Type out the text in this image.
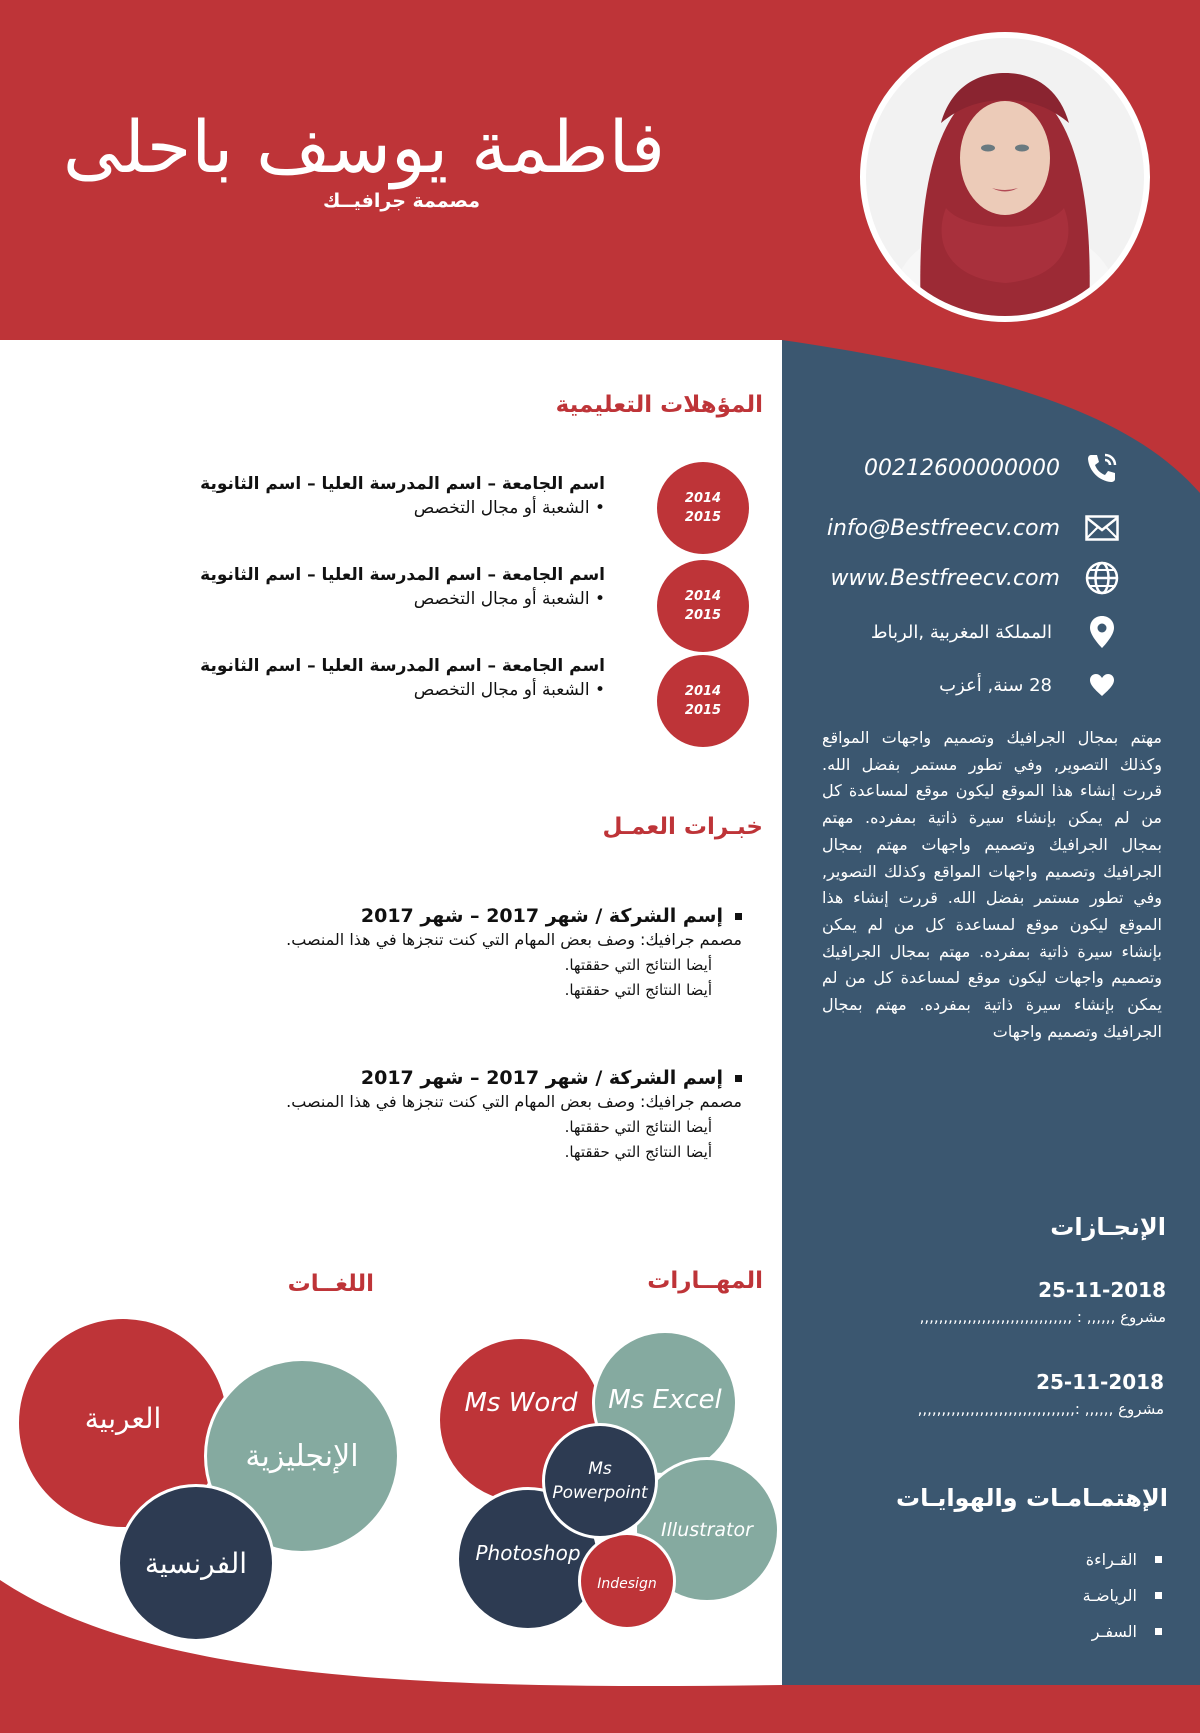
فاطمة يوسف باحلى
مصممة جرافيــك
المؤهلات التعليمية
2014
2015
اسم الجامعة – اسم المدرسة العليا – اسم الثانوية
• الشعبة أو مجال التخصص
2014
2015
اسم الجامعة – اسم المدرسة العليا – اسم الثانوية
• الشعبة أو مجال التخصص
2014
2015
اسم الجامعة – اسم المدرسة العليا – اسم الثانوية
• الشعبة أو مجال التخصص
خبـرات العمـل
إسم الشركة / شهر 2017 – شهر 2017
مصمم جرافيك: وصف بعض المهام التي كنت تنجزها في هذا المنصب.
أيضا النتائج التي حققتها.
أيضا النتائج التي حققتها.
إسم الشركة / شهر 2017 – شهر 2017
مصمم جرافيك: وصف بعض المهام التي كنت تنجزها في هذا المنصب.
أيضا النتائج التي حققتها.
أيضا النتائج التي حققتها.
المهــارات
اللغــات
العربية
الإنجليزية
الفرنسية
Ms Word Ms Excel
Photoshop
Illustrator
Indesign
Ms
Powerpoint
00212600000000
info@Bestfreecv.com
www.Bestfreecv.com
المملكة المغربية ,الرباط
28 سنة, أعزب
مهتم بمجال الجرافيك وتصميم واجهات المواقع وكذلك التصوير, وفي تطور مستمر بفضل الله. قررت إنشاء هذا الموقع ليكون موقع لمساعدة كل من لم يمكن بإنشاء سيرة ذاتية بمفرده. مهتم بمجال الجرافيك وتصميم واجهات مهتم بمجال الجرافيك وتصميم واجهات المواقع وكذلك التصوير, وفي تطور مستمر بفضل الله. قررت إنشاء هذا الموقع ليكون موقع لمساعدة كل من لم يمكن بإنشاء سيرة ذاتية بمفرده. مهتم بمجال الجرافيك وتصميم واجهات ليكون موقع لمساعدة كل من لم يمكن بإنشاء سيرة ذاتية بمفرده. مهتم بمجال الجرافيك وتصميم واجهات
الإنجـازات
25-11-2018
مشروع ,,,,,, : ,,,,,,,,,,,,,,,,,,,,,,,,,,,,,,,,
25-11-2018
مشروع ,,,,,, :,,,,,,,,,,,,,,,,,,,,,,,,,,,,,,,,,
الإهتمـامـات والهوايـات
القـراءة
الرياضـة
السفـر
